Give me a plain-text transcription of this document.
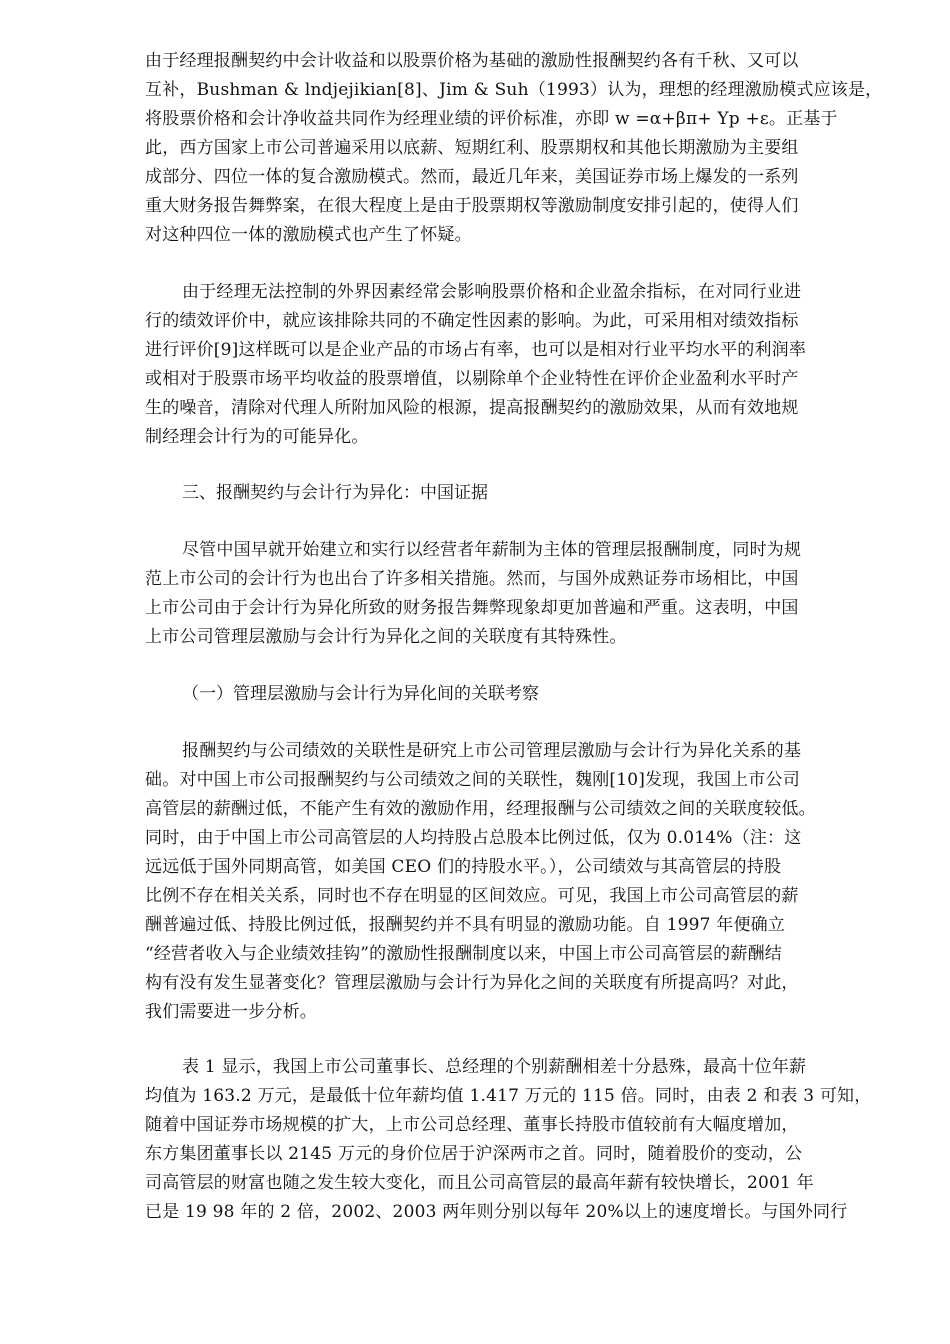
由于经理报酬契约中会计收益和以股票价格为基础的激励性报酬契约各有千秋、又可以
互补，Bushman & lndjejikian[8]、Jim & Suh（1993）认为，理想的经理激励模式应该是，
将股票价格和会计净收益共同作为经理业绩的评价标准，亦即 w =α+βπ+ Yp +ε。正基于
此，西方国家上市公司普遍采用以底薪、短期红利、股票期权和其他长期激励为主要组
成部分、四位一体的复合激励模式。然而，最近几年来，美国证券市场上爆发的一系列
重大财务报告舞弊案，在很大程度上是由于股票期权等激励制度安排引起的，使得人们
对这种四位一体的激励模式也产生了怀疑。
由于经理无法控制的外界因素经常会影响股票价格和企业盈余指标，在对同行业进
行的绩效评价中，就应该排除共同的不确定性因素的影响。为此，可采用相对绩效指标
进行评价[9]这样既可以是企业产品的市场占有率，也可以是相对行业平均水平的利润率
或相对于股票市场平均收益的股票增值，以剔除单个企业特性在评价企业盈利水平时产
生的噪音，清除对代理人所附加风险的根源，提高报酬契约的激励效果，从而有效地规
制经理会计行为的可能异化。
三、报酬契约与会计行为异化：中国证据
尽管中国早就开始建立和实行以经营者年薪制为主体的管理层报酬制度，同时为规
范上市公司的会计行为也出台了许多相关措施。然而，与国外成熟证券市场相比，中国
上市公司由于会计行为异化所致的财务报告舞弊现象却更加普遍和严重。这表明，中国
上市公司管理层激励与会计行为异化之间的关联度有其特殊性。
（一）管理层激励与会计行为异化间的关联考察
报酬契约与公司绩效的关联性是研究上市公司管理层激励与会计行为异化关系的基
础。对中国上市公司报酬契约与公司绩效之间的关联性，魏刚[10]发现，我国上市公司
高管层的薪酬过低，不能产生有效的激励作用，经理报酬与公司绩效之间的关联度较低。
同时，由于中国上市公司高管层的人均持股占总股本比例过低，仅为 0.014%（注：这
远远低于国外同期高管，如美国 CEO 们的持股水平。），公司绩效与其高管层的持股
比例不存在相关关系，同时也不存在明显的区间效应。可见，我国上市公司高管层的薪
酬普遍过低、持股比例过低，报酬契约并不具有明显的激励功能。自 1997 年便确立
“经营者收入与企业绩效挂钩”的激励性报酬制度以来，中国上市公司高管层的薪酬结
构有没有发生显著变化？管理层激励与会计行为异化之间的关联度有所提高吗？对此，
我们需要进一步分析。
表 1 显示，我国上市公司董事长、总经理的个别薪酬相差十分悬殊，最高十位年薪
均值为 163.2 万元，是最低十位年薪均值 1.417 万元的 115 倍。同时，由表 2 和表 3 可知，
随着中国证券市场规模的扩大，上市公司总经理、董事长持股市值较前有大幅度增加，
东方集团董事长以 2145 万元的身价位居于沪深两市之首。同时，随着股价的变动，公
司高管层的财富也随之发生较大变化，而且公司高管层的最高年薪有较快增长，2001 年
已是 19 98 年的 2 倍，2002、2003 两年则分别以每年 20%以上的速度增长。与国外同行
